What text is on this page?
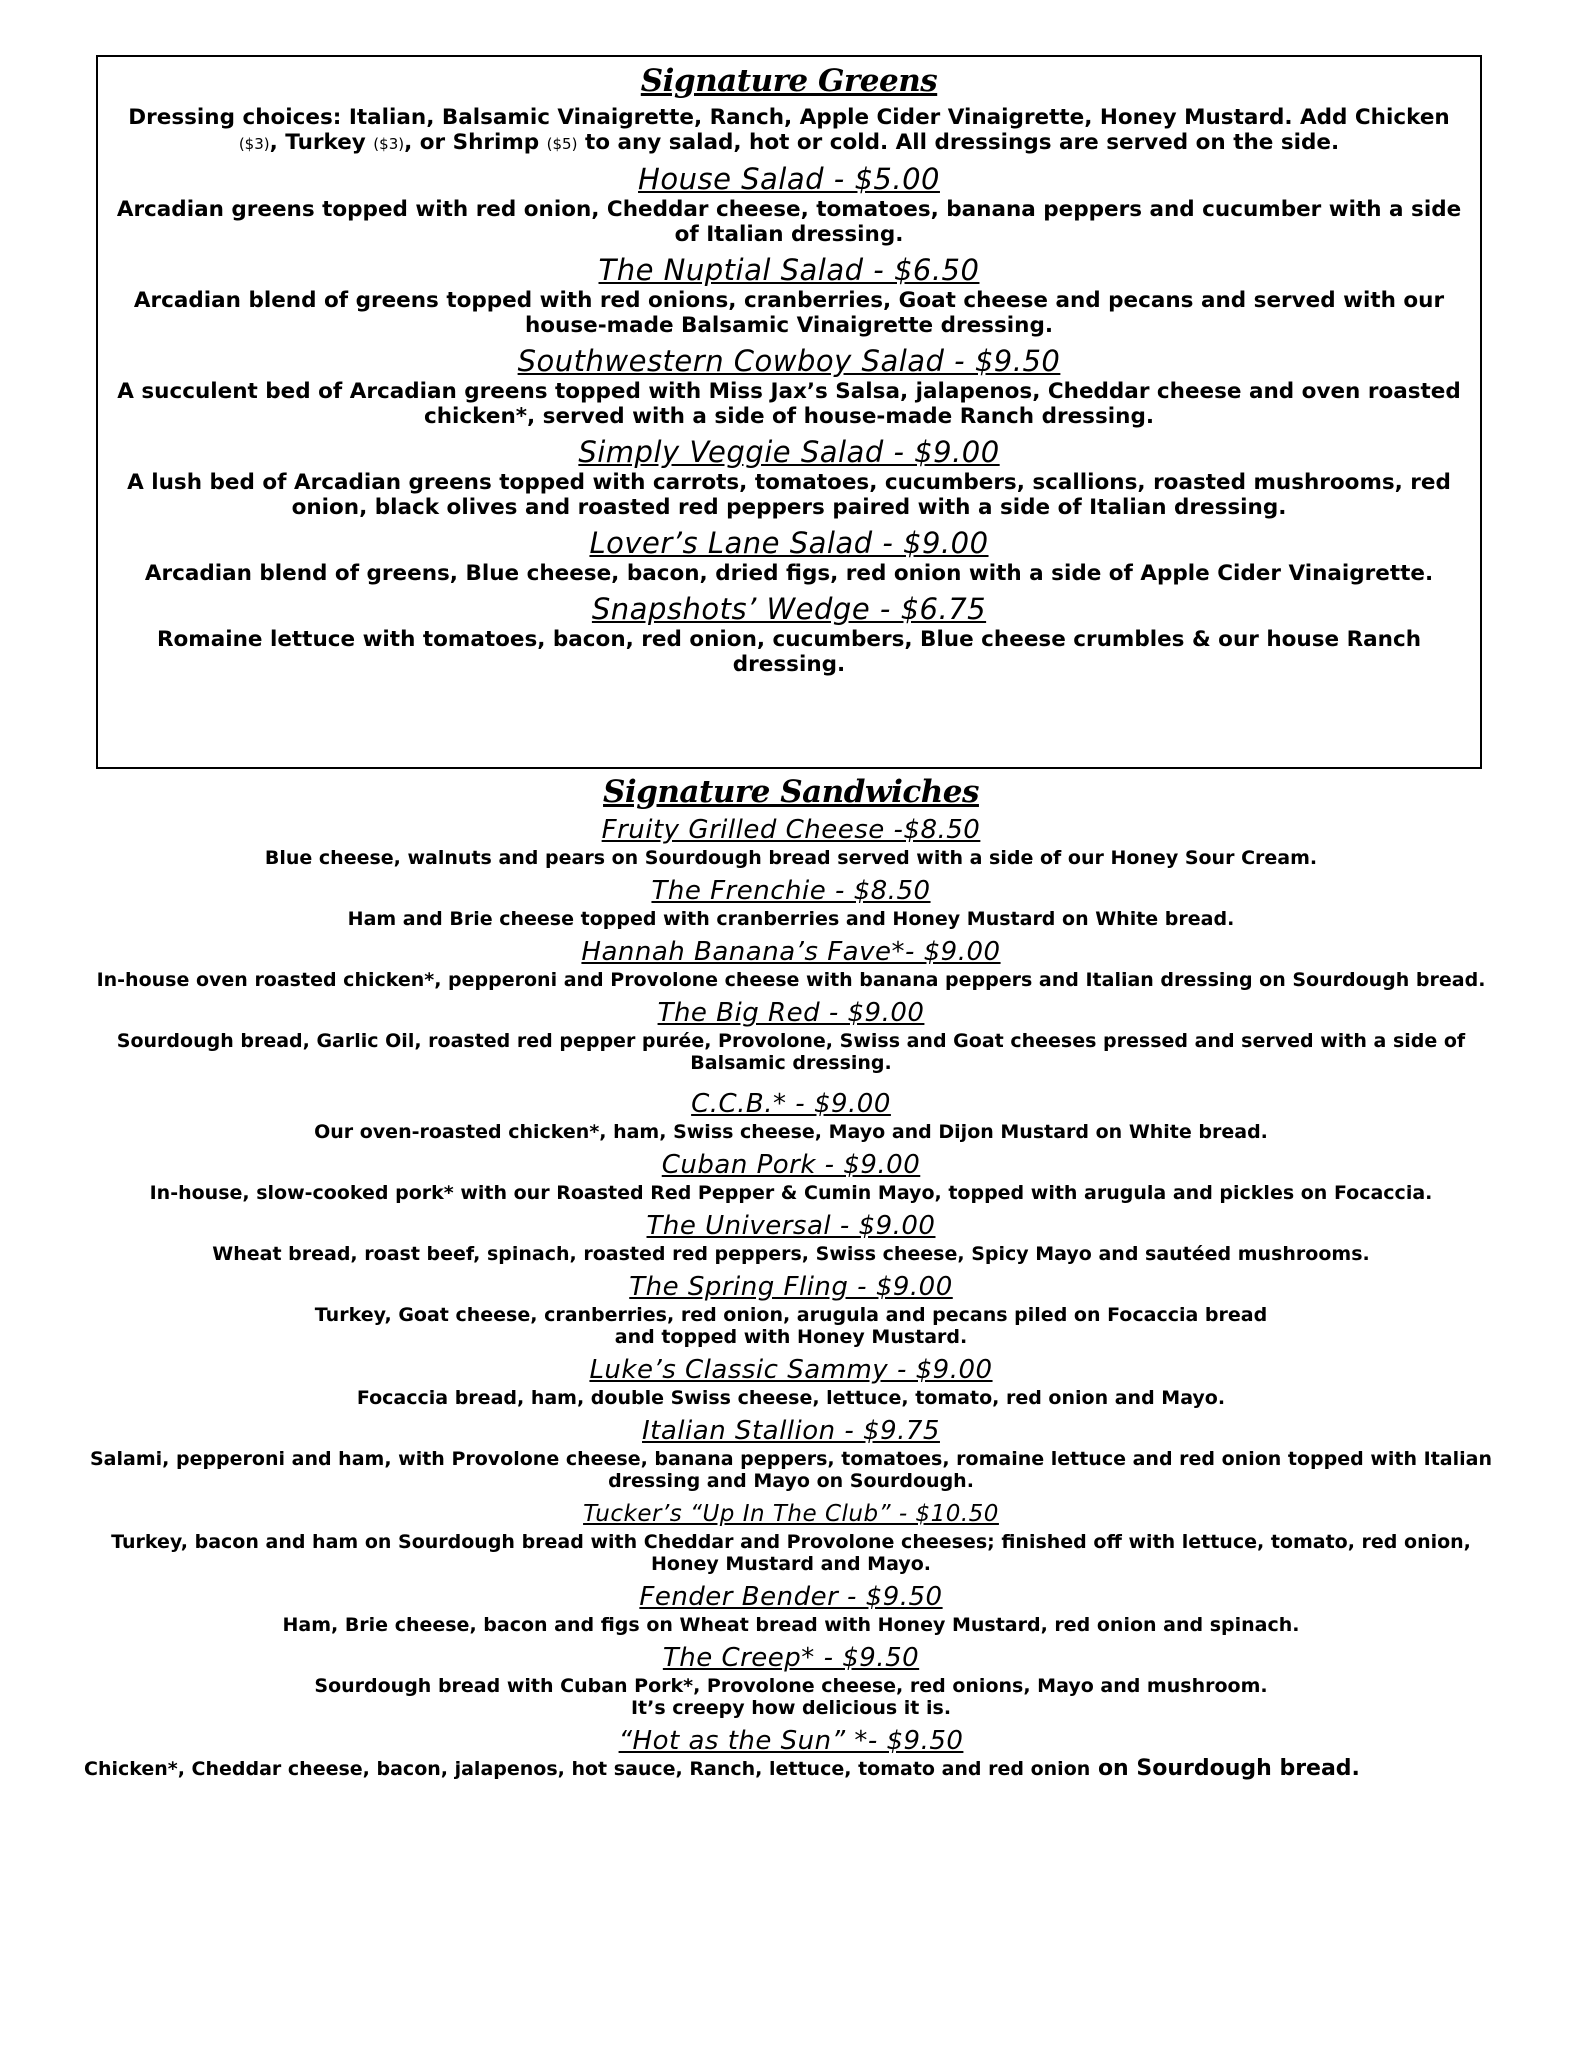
Signature Greens
Dressing choices: Italian, Balsamic Vinaigrette, Ranch, Apple Cider Vinaigrette, Honey Mustard. Add Chicken
($3), Turkey ($3), or Shrimp ($5) to any salad, hot or cold. All dressings are served on the side.
House Salad - $5.00
Arcadian greens topped with red onion, Cheddar cheese, tomatoes, banana peppers and cucumber with a side of Italian dressing.
The Nuptial Salad - $6.50
Arcadian blend of greens topped with red onions, cranberries, Goat cheese and pecans and served with our house-made Balsamic Vinaigrette dressing.
Southwestern Cowboy Salad - $9.50
A succulent bed of Arcadian greens topped with Miss Jax’s Salsa, jalapenos, Cheddar cheese and oven roasted chicken*, served with a side of house-made Ranch dressing.
Simply Veggie Salad - $9.00
A lush bed of Arcadian greens topped with carrots, tomatoes, cucumbers, scallions, roasted mushrooms, red onion, black olives and roasted red peppers paired with a side of Italian dressing.
Lover’s Lane Salad - $9.00
Arcadian blend of greens, Blue cheese, bacon, dried figs, red onion with a side of Apple Cider Vinaigrette.
Snapshots’ Wedge - $6.75
Romaine lettuce with tomatoes, bacon, red onion, cucumbers, Blue cheese crumbles & our house Ranch dressing.
Signature Sandwiches
Fruity Grilled Cheese -$8.50
Blue cheese, walnuts and pears on Sourdough bread served with a side of our Honey Sour Cream.
The Frenchie - $8.50
Ham and Brie cheese topped with cranberries and Honey Mustard on White bread.
Hannah Banana’s Fave*- $9.00
In-house oven roasted chicken*, pepperoni and Provolone cheese with banana peppers and Italian dressing on Sourdough bread.
The Big Red - $9.00
Sourdough bread, Garlic Oil, roasted red pepper purée, Provolone, Swiss and Goat cheeses pressed and served with a side of Balsamic dressing.
C.C.B.* - $9.00
Our oven-roasted chicken*, ham, Swiss cheese, Mayo and Dijon Mustard on White bread.
Cuban Pork - $9.00
In-house, slow-cooked pork* with our Roasted Red Pepper & Cumin Mayo, topped with arugula and pickles on Focaccia.
The Universal - $9.00
Wheat bread, roast beef, spinach, roasted red peppers, Swiss cheese, Spicy Mayo and sautéed mushrooms.
The Spring Fling - $9.00
Turkey, Goat cheese, cranberries, red onion, arugula and pecans piled on Focaccia bread
and topped with Honey Mustard.
Luke’s Classic Sammy - $9.00
Focaccia bread, ham, double Swiss cheese, lettuce, tomato, red onion and Mayo.
Italian Stallion - $9.75
Salami, pepperoni and ham, with Provolone cheese, banana peppers, tomatoes, romaine lettuce and red onion topped with Italian dressing and Mayo on Sourdough.
Tucker’s “Up In The Club” - $10.50
Turkey, bacon and ham on Sourdough bread with Cheddar and Provolone cheeses; finished off with lettuce, tomato, red onion, Honey Mustard and Mayo.
Fender Bender - $9.50
Ham, Brie cheese, bacon and figs on Wheat bread with Honey Mustard, red onion and spinach.
The Creep* - $9.50
Sourdough bread with Cuban Pork*, Provolone cheese, red onions, Mayo and mushroom.
It’s creepy how delicious it is.
“Hot as the Sun” *- $9.50
Chicken*, Cheddar cheese, bacon, jalapenos, hot sauce, Ranch, lettuce, tomato and red onion on Sourdough bread.
